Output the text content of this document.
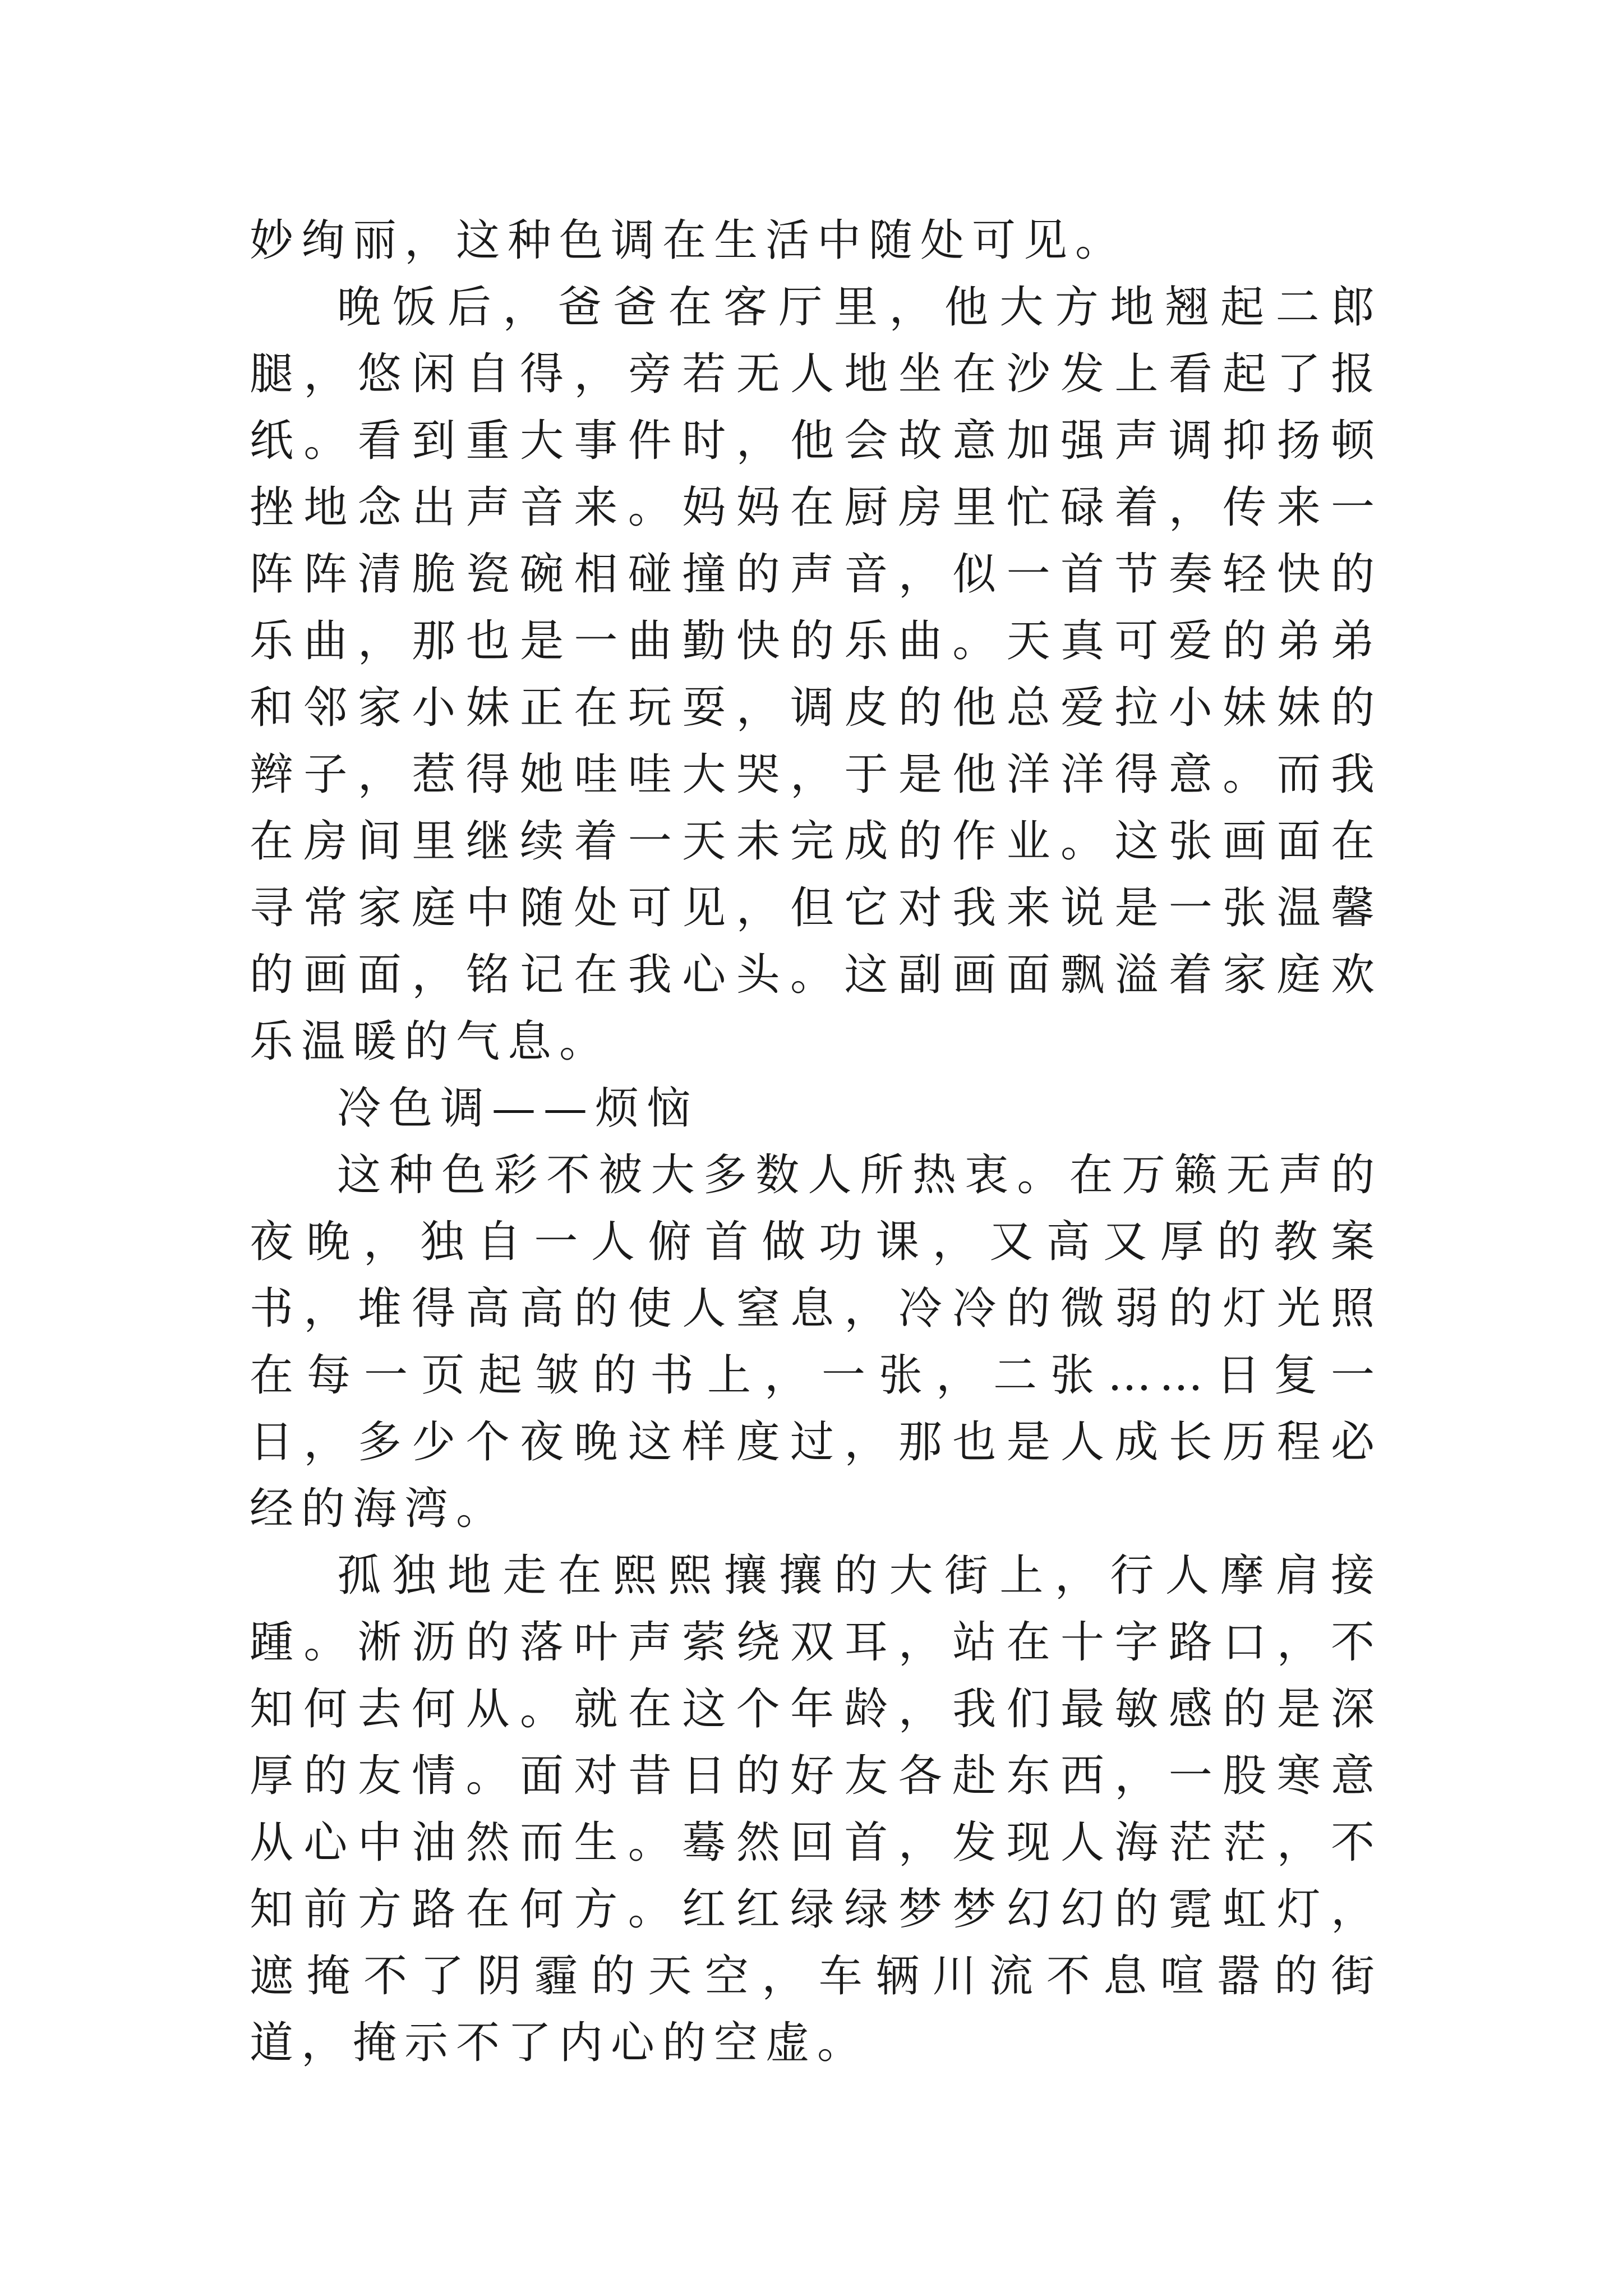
妙绚丽，这种色调在生活中随处可见。

晚饭后，爸爸在客厅里，他大方地翘起二郎腿，悠闲自得，旁若无人地坐在沙发上看起了报纸。看到重大事件时，他会故意加强声调抑扬顿挫地念出声音来。妈妈在厨房里忙碌着，传来一阵阵清脆瓷碗相碰撞的声音，似一首节奏轻快的乐曲，那也是一曲勤快的乐曲。天真可爱的弟弟和邻家小妹正在玩耍，调皮的他总爱拉小妹妹的辫子，惹得她哇哇大哭，于是他洋洋得意。而我在房间里继续着一天未完成的作业。这张画面在寻常家庭中随处可见，但它对我来说是一张温馨的画面，铭记在我心头。这副画面飘溢着家庭欢乐温暖的气息。

冷色调——烦恼

这种色彩不被大多数人所热衷。在万籁无声的夜晚，独自一人俯首做功课，又高又厚的教案书，堆得高高的使人窒息，冷冷的微弱的灯光照在每一页起皱的书上，一张，二张……日复一日，多少个夜晚这样度过，那也是人成长历程必经的海湾。

孤独地走在熙熙攘攘的大街上，行人摩肩接踵。淅沥的落叶声萦绕双耳，站在十字路口，不知何去何从。就在这个年龄，我们最敏感的是深厚的友情。面对昔日的好友各赴东西，一股寒意从心中油然而生。蓦然回首，发现人海茫茫，不知前方路在何方。红红绿绿梦梦幻幻的霓虹灯，遮掩不了阴霾的天空，车辆川流不息喧嚣的街道，掩示不了内心的空虚。
